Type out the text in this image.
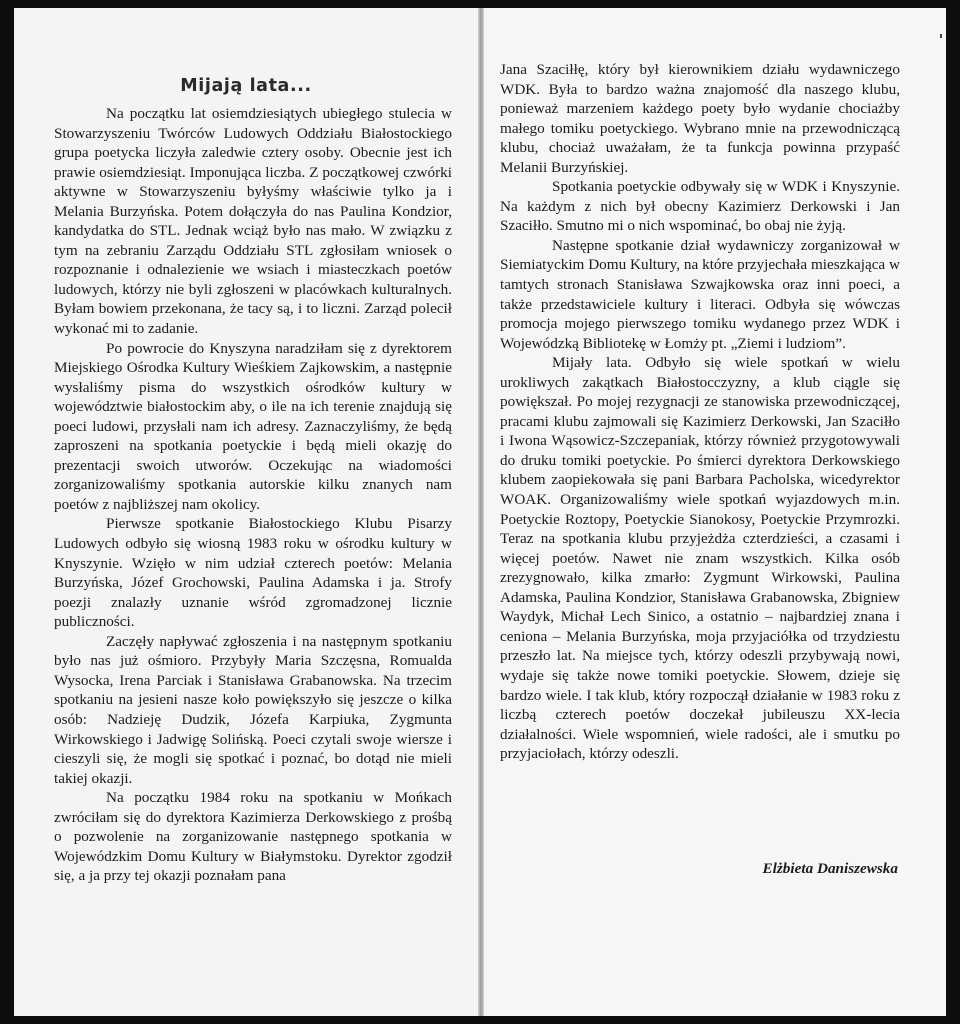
Mijają lata...

Na początku lat osiemdziesiątych ubiegłego stulecia w Stowarzyszeniu Twórców Ludowych Oddziału Białostockiego grupa poetycka liczyła zaledwie cztery osoby. Obecnie jest ich prawie osiemdziesiąt. Imponująca liczba. Z początkowej czwórki aktywne w Stowarzyszeniu byłyśmy właściwie tylko ja i Melania Burzyńska. Potem dołączyła do nas Paulina Kondzior, kandydatka do STL. Jednak wciąż było nas mało. W związku z tym na zebraniu Zarządu Oddziału STL zgłosiłam wniosek o rozpoznanie i odnalezienie we wsiach i miasteczkach poetów ludowych, którzy nie byli zgłoszeni w placówkach kulturalnych. Byłam bowiem przekonana, że tacy są, i to liczni. Zarząd polecił wykonać mi to zadanie.

Po powrocie do Knyszyna naradziłam się z dyrektorem Miejskiego Ośrodka Kultury Wieśkiem Zajkowskim, a następnie wysłaliśmy pisma do wszystkich ośrodków kultury w województwie białostockim aby, o ile na ich terenie znajdują się poeci ludowi, przysłali nam ich adresy. Zaznaczyliśmy, że będą zaproszeni na spotkania poetyckie i będą mieli okazję do prezentacji swoich utworów. Oczekując na wiadomości zorganizowaliśmy spotkania autorskie kilku znanych nam poetów z najbliższej nam okolicy.

Pierwsze spotkanie Białostockiego Klubu Pisarzy Ludowych odbyło się wiosną 1983 roku w ośrodku kultury w Knyszynie. Wzięło w nim udział czterech poetów: Melania Burzyńska, Józef Grochowski, Paulina Adamska i ja. Strofy poezji znalazły uznanie wśród zgromadzonej licznie publiczności.

Zaczęły napływać zgłoszenia i na następnym spotkaniu było nas już ośmioro. Przybyły Maria Szczęsna, Romualda Wysocka, Irena Parciak i Stanisława Grabanowska. Na trzecim spotkaniu na jesieni nasze koło powiększyło się jeszcze o kilka osób: Nadzieję Dudzik, Józefa Karpiuka, Zygmunta Wirkowskiego i Jadwigę Solińską. Poeci czytali swoje wiersze i cieszyli się, że mogli się spotkać i poznać, bo dotąd nie mieli takiej okazji.

Na początku 1984 roku na spotkaniu w Mońkach zwróciłam się do dyrektora Kazimierza Derkowskiego z prośbą o pozwolenie na zorganizowanie następnego spotkania w Wojewódzkim Domu Kultury w Białymstoku. Dyrektor zgodził się, a ja przy tej okazji poznałam pana

Jana Szaciłłę, który był kierownikiem działu wydawniczego WDK. Była to bardzo ważna znajomość dla naszego klubu, ponieważ marzeniem każdego poety było wydanie chociażby małego tomiku poetyckiego. Wybrano mnie na przewodniczącą klubu, chociaż uważałam, że ta funkcja powinna przypaść Melanii Burzyńskiej.

Spotkania poetyckie odbywały się w WDK i Knyszynie. Na każdym z nich był obecny Kazimierz Derkowski i Jan Szaciłło. Smutno mi o nich wspominać, bo obaj nie żyją.

Następne spotkanie dział wydawniczy zorganizował w Siemiatyckim Domu Kultury, na które przyjechała mieszkająca w tamtych stronach Stanisława Szwajkowska oraz inni poeci, a także przedstawiciele kultury i literaci. Odbyła się wówczas promocja mojego pierwszego tomiku wydanego przez WDK i Wojewódzką Bibliotekę w Łomży pt. „Ziemi i ludziom”.

Mijały lata. Odbyło się wiele spotkań w wielu urokliwych zakątkach Białostocczyzny, a klub ciągle się powiększał. Po mojej rezygnacji ze stanowiska przewodniczącej, pracami klubu zajmowali się Kazimierz Derkowski, Jan Szaciłło i Iwona Wąsowicz-Szczepaniak, którzy również przygotowywali do druku tomiki poetyckie. Po śmierci dyrektora Derkowskiego klubem zaopiekowała się pani Barbara Pacholska, wicedyrektor WOAK. Organizowaliśmy wiele spotkań wyjazdowych m.in. Poetyckie Roztopy, Poetyckie Sianokosy, Poetyckie Przymrozki. Teraz na spotkania klubu przyjeżdża czterdzieści, a czasami i więcej poetów. Nawet nie znam wszystkich. Kilka osób zrezygnowało, kilka zmarło: Zygmunt Wirkowski, Paulina Adamska, Paulina Kondzior, Stanisława Grabanowska, Zbigniew Waydyk, Michał Lech Sinico, a ostatnio – najbardziej znana i ceniona – Melania Burzyńska, moja przyjaciółka od trzydziestu przeszło lat. Na miejsce tych, którzy odeszli przybywają nowi, wydaje się także nowe tomiki poetyckie. Słowem, dzieje się bardzo wiele. I tak klub, który rozpoczął działanie w 1983 roku z liczbą czterech poetów doczekał jubileuszu XX-lecia działalności. Wiele wspomnień, wiele radości, ale i smutku po przyjaciołach, którzy odeszli.

Elżbieta Daniszewska
